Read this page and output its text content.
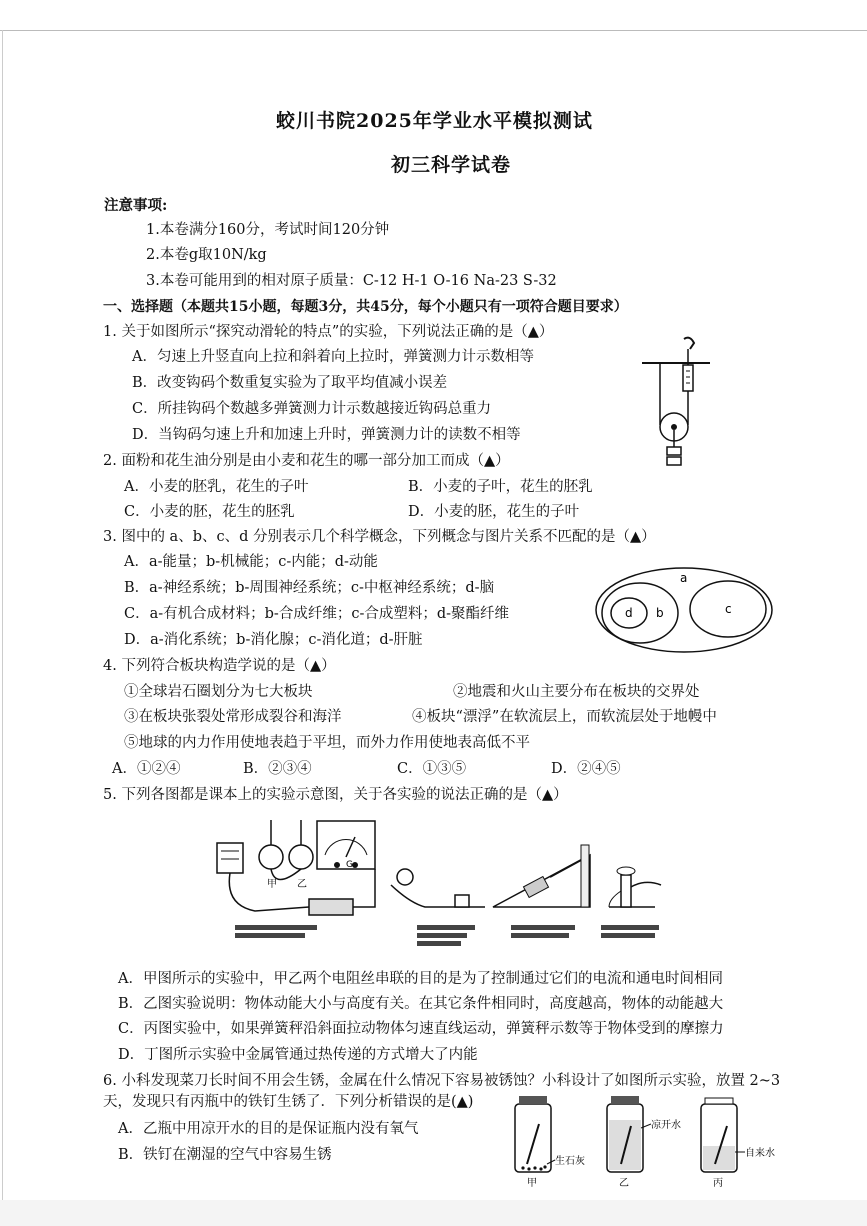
蛟川书院2025年学业水平模拟测试
初三科学试卷
注意事项:
1.本卷满分160分，考试时间120分钟
2.本卷g取10N/kg
3.本卷可能用到的相对原子质量：C-12 H-1 O-16 Na-23 S-32
一、选择题（本题共15小题，每题3分，共45分，每个小题只有一项符合题目要求）
1. 关于如图所示“探究动滑轮的特点”的实验，下列说法正确的是（▲）
A．匀速上升竖直向上拉和斜着向上拉时，弹簧测力计示数相等
B．改变钩码个数重复实验为了取平均值减小误差
C．所挂钩码个数越多弹簧测力计示数越接近钩码总重力
D．当钩码匀速上升和加速上升时，弹簧测力计的读数不相等
2. 面粉和花生油分别是由小麦和花生的哪一部分加工而成（▲）
A．小麦的胚乳，花生的子叶	B．小麦的子叶，花生的胚乳
C．小麦的胚，花生的胚乳	D．小麦的胚，花生的子叶
3. 图中的 a、b、c、d 分别表示几个科学概念，下列概念与图片关系不匹配的是（▲）
A．a-能量；b-机械能；c-内能；d-动能
B．a-神经系统；b-周围神经系统；c-中枢神经系统；d-脑
C．a-有机合成材料；b-合成纤维；c-合成塑料；d-聚酯纤维
D．a-消化系统；b-消化腺；c-消化道；d-肝脏
a
d b	c
4. 下列符合板块构造学说的是（▲）
①全球岩石圈划分为七大板块	②地震和火山主要分布在板块的交界处
③在板块张裂处常形成裂谷和海洋	④板块“漂浮”在软流层上，而软流层处于地幔中
⑤地球的内力作用使地表趋于平坦，而外力作用使地表高低不平
A．①②④	B．②③④	C．①③⑤	D．②④⑤
5. 下列各图都是课本上的实验示意图，关于各实验的说法正确的是（▲）
甲 乙
G
A．甲图所示的实验中，甲乙两个电阻丝串联的目的是为了控制通过它们的电流和通电时间相同
B．乙图实验说明：物体动能大小与高度有关。在其它条件相同时，高度越高，物体的动能越大
C．丙图实验中，如果弹簧秤沿斜面拉动物体匀速直线运动，弹簧秤示数等于物体受到的摩擦力
D．丁图所示实验中金属管通过热传递的方式增大了内能
6. 小科发现菜刀长时间不用会生锈，金属在什么情况下容易被锈蚀？小科设计了如图所示实验，放置 2~3
天，发现只有丙瓶中的铁钉生锈了．下列分析错误的是(▲)
A．乙瓶中用凉开水的目的是保证瓶内没有氧气
B．铁钉在潮湿的空气中容易生锈	生石灰
甲
凉开水
乙
自来水
丙
